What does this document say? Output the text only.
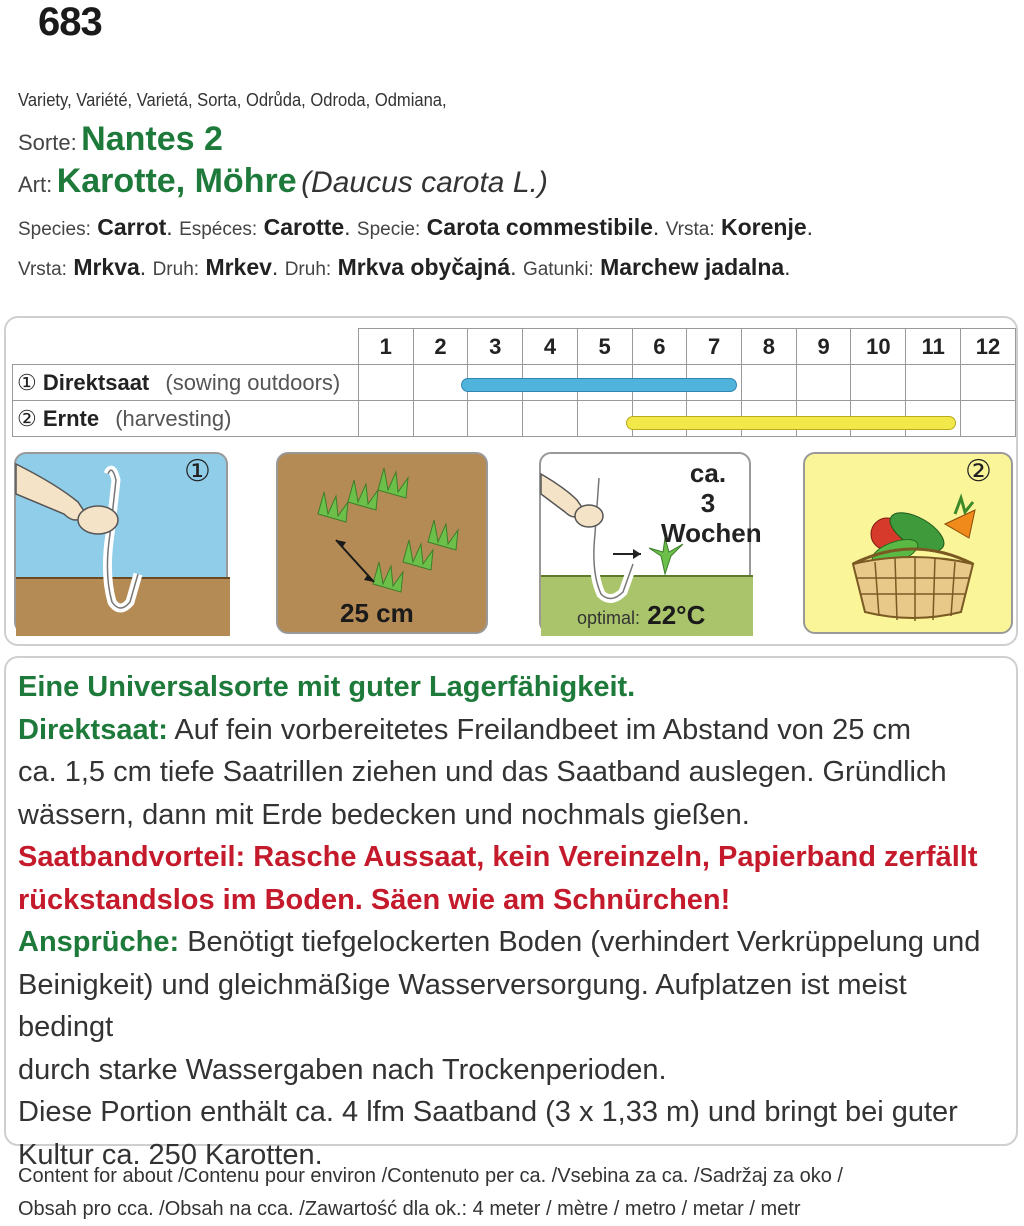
683
Variety, Variété, Varietá, Sorta, Odrůda, Odroda, Odmiana,
Sorte: Nantes 2
Art: Karotte, Möhre (Daucus carota L.)
Species: Carrot. Espéces: Carotte. Specie: Carota commestibile. Vrsta: Korenje.
Vrsta: Mrkva. Druh: Mrkev. Druh: Mrkva obyčajná. Gatunki: Marchew jadalna.
	1	2	3	4	5	6	7	8	9	10	11	12
① Direktsaat (sowing outdoors)												
② Ernte (harvesting)												
①
25 cm
ca.
3 Wochen
optimal: 22°C
②

Eine Universalsorte mit guter Lagerfähigkeit.

Direktsaat: Auf fein vorbereitetes Freilandbeet im Abstand von 25 cm
ca. 1,5 cm tiefe Saatrillen ziehen und das Saatband auslegen. Gründlich
wässern, dann mit Erde bedecken und nochmals gießen.

Saatbandvorteil: Rasche Aussaat, kein Vereinzeln, Papierband zerfällt
rückstandslos im Boden. Säen wie am Schnürchen!

Ansprüche: Benötigt tiefgelockerten Boden (verhindert Verkrüppelung und
Beinigkeit) und gleichmäßige Wasserversorgung. Aufplatzen ist meist bedingt
durch starke Wassergaben nach Trockenperioden.
Diese Portion enthält ca. 4 lfm Saatband (3 x 1,33 m) und bringt bei guter
Kultur ca. 250 Karotten.

Content for about /Contenu pour environ /Contenuto per ca. /Vsebina za ca. /Sadržaj za oko /
Obsah pro cca. /Obsah na cca. /Zawartość dla ok.: 4 meter / mètre / metro / metar / metr
